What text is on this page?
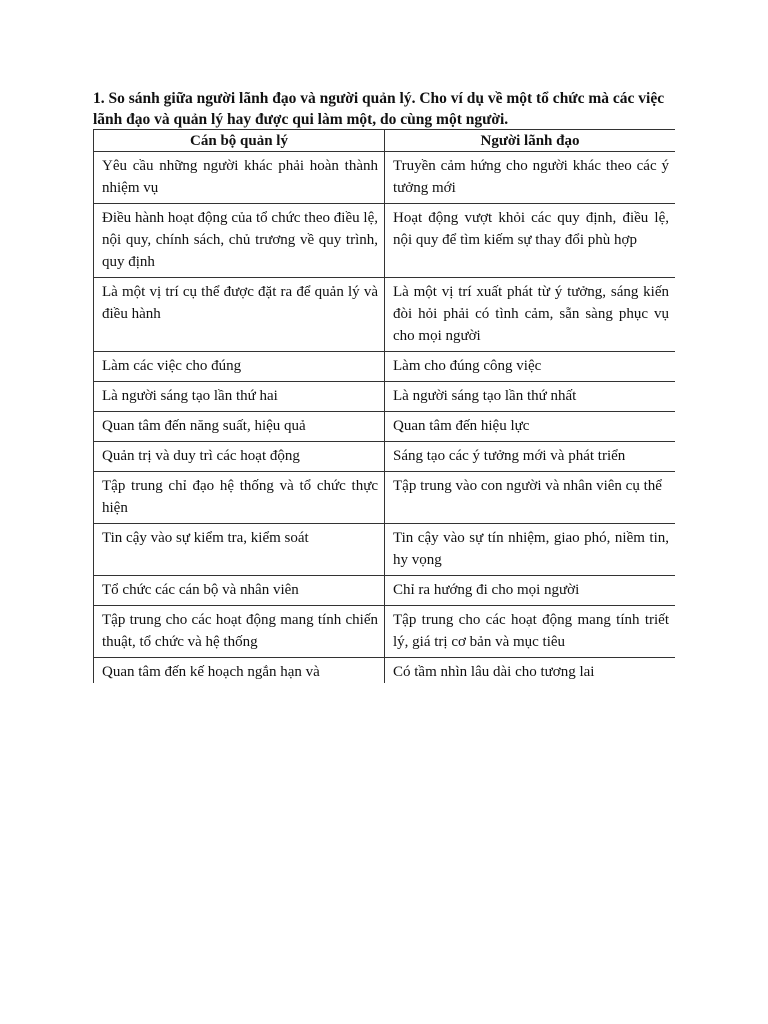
1. So sánh giữa người lãnh đạo và người quản lý. Cho ví dụ về một tổ chức mà các việc lãnh đạo và quản lý hay được qui làm một, do cùng một người.

Cán bộ quản lý	Người lãnh đạo
Yêu cầu những người khác phải hoàn thành nhiệm vụ	Truyền cảm hứng cho người khác theo các ý tưởng mới
Điều hành hoạt động của tổ chức theo điều lệ, nội quy, chính sách, chủ trương về quy trình, quy định	Hoạt động vượt khỏi các quy định, điều lệ, nội quy để tìm kiếm sự thay đổi phù hợp
Là một vị trí cụ thể được đặt ra để quản lý và điều hành	Là một vị trí xuất phát từ ý tưởng, sáng kiến đòi hỏi phải có tình cảm, sẵn sàng phục vụ cho mọi người
Làm các việc cho đúng	Làm cho đúng công việc
Là người sáng tạo lần thứ hai	Là người sáng tạo lần thứ nhất
Quan tâm đến năng suất, hiệu quả	Quan tâm đến hiệu lực
Quản trị và duy trì các hoạt động	Sáng tạo các ý tưởng mới và phát triển
Tập trung chỉ đạo hệ thống và tổ chức thực hiện	Tập trung vào con người và nhân viên cụ thể
Tin cậy vào sự kiểm tra, kiểm soát	Tin cậy vào sự tín nhiệm, giao phó, niềm tin, hy vọng
Tổ chức các cán bộ và nhân viên	Chỉ ra hướng đi cho mọi người
Tập trung cho các hoạt động mang tính chiến thuật, tổ chức và hệ thống	Tập trung cho các hoạt động mang tính triết lý, giá trị cơ bản và mục tiêu
Quan tâm đến kế hoạch ngắn hạn và	Có tầm nhìn lâu dài cho tương lai
